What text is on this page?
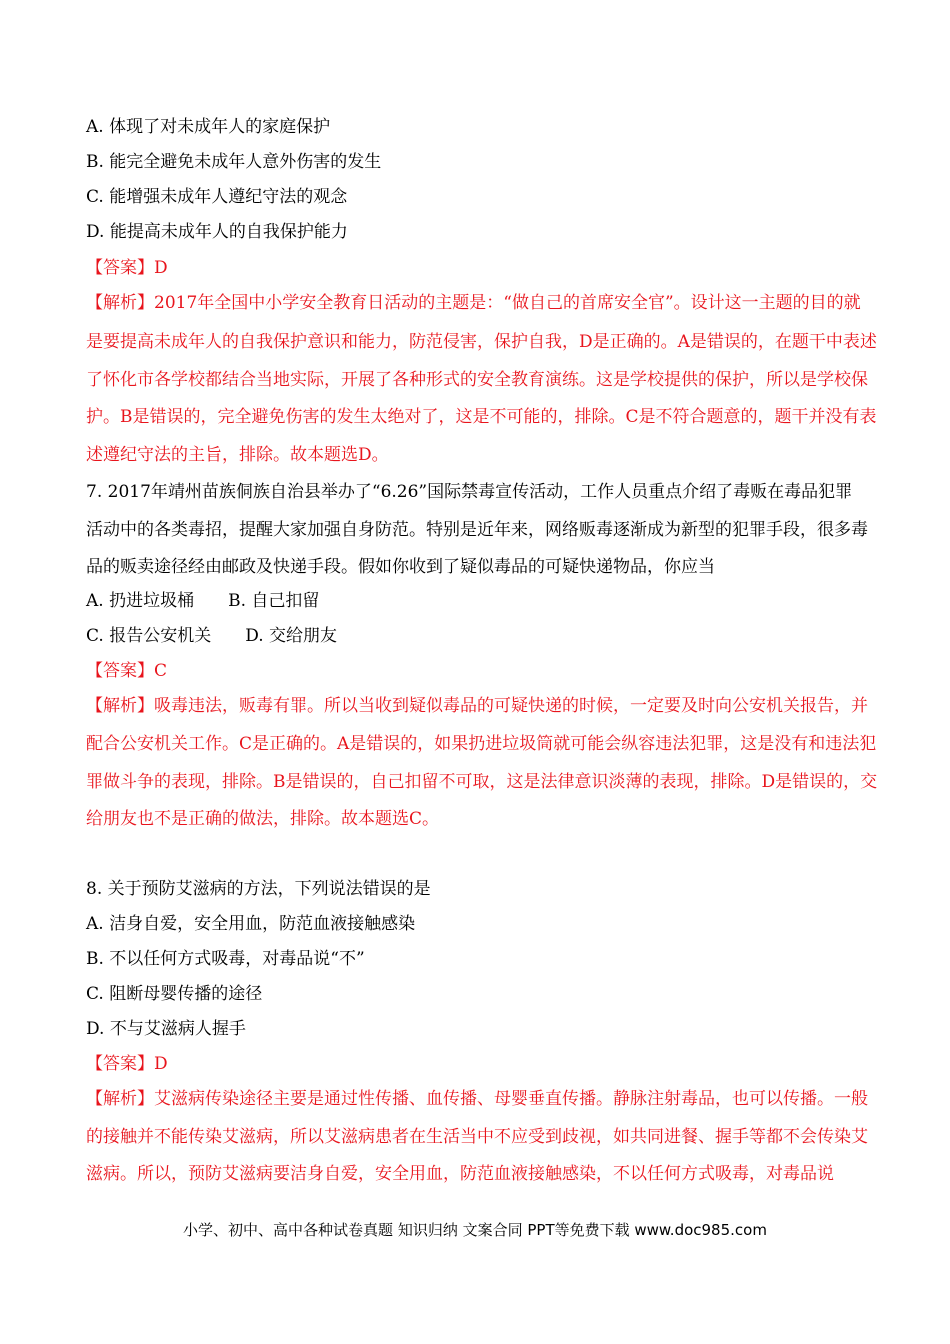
A. 体现了对未成年人的家庭保护
B. 能完全避免未成年人意外伤害的发生
C. 能增强未成年人遵纪守法的观念
D. 能提高未成年人的自我保护能力
【答案】D
【解析】2017年全国中小学安全教育日活动的主题是：“做自己的首席安全官”。设计这一主题的目的就
是要提高未成年人的自我保护意识和能力，防范侵害，保护自我，D是正确的。A是错误的，在题干中表述
了怀化市各学校都结合当地实际，开展了各种形式的安全教育演练。这是学校提供的保护，所以是学校保
护。B是错误的，完全避免伤害的发生太绝对了，这是不可能的，排除。C是不符合题意的，题干并没有表
述遵纪守法的主旨，排除。故本题选D。
7. 2017年靖州苗族侗族自治县举办了“6.26”国际禁毒宣传活动，工作人员重点介绍了毒贩在毒品犯罪
活动中的各类毒招，提醒大家加强自身防范。特别是近年来，网络贩毒逐渐成为新型的犯罪手段，很多毒
品的贩卖途径经由邮政及快递手段。假如你收到了疑似毒品的可疑快递物品，你应当
A. 扔进垃圾桶 B. 自己扣留
C. 报告公安机关 D. 交给朋友
【答案】C
【解析】吸毒违法，贩毒有罪。所以当收到疑似毒品的可疑快递的时候，一定要及时向公安机关报告，并
配合公安机关工作。C是正确的。A是错误的，如果扔进垃圾筒就可能会纵容违法犯罪，这是没有和违法犯
罪做斗争的表现，排除。B是错误的，自己扣留不可取，这是法律意识淡薄的表现，排除。D是错误的，交
给朋友也不是正确的做法，排除。故本题选C。
8. 关于预防艾滋病的方法，下列说法错误的是
A. 洁身自爱，安全用血，防范血液接触感染
B. 不以任何方式吸毒，对毒品说“不”
C. 阻断母婴传播的途径
D. 不与艾滋病人握手
【答案】D
【解析】艾滋病传染途径主要是通过性传播、血传播、母婴垂直传播。静脉注射毒品，也可以传播。一般
的接触并不能传染艾滋病，所以艾滋病患者在生活当中不应受到歧视，如共同进餐、握手等都不会传染艾
滋病。所以，预防艾滋病要洁身自爱，安全用血，防范血液接触感染，不以任何方式吸毒，对毒品说
小学、初中、高中各种试卷真题 知识归纳 文案合同 PPT等免费下载 www.doc985.com
